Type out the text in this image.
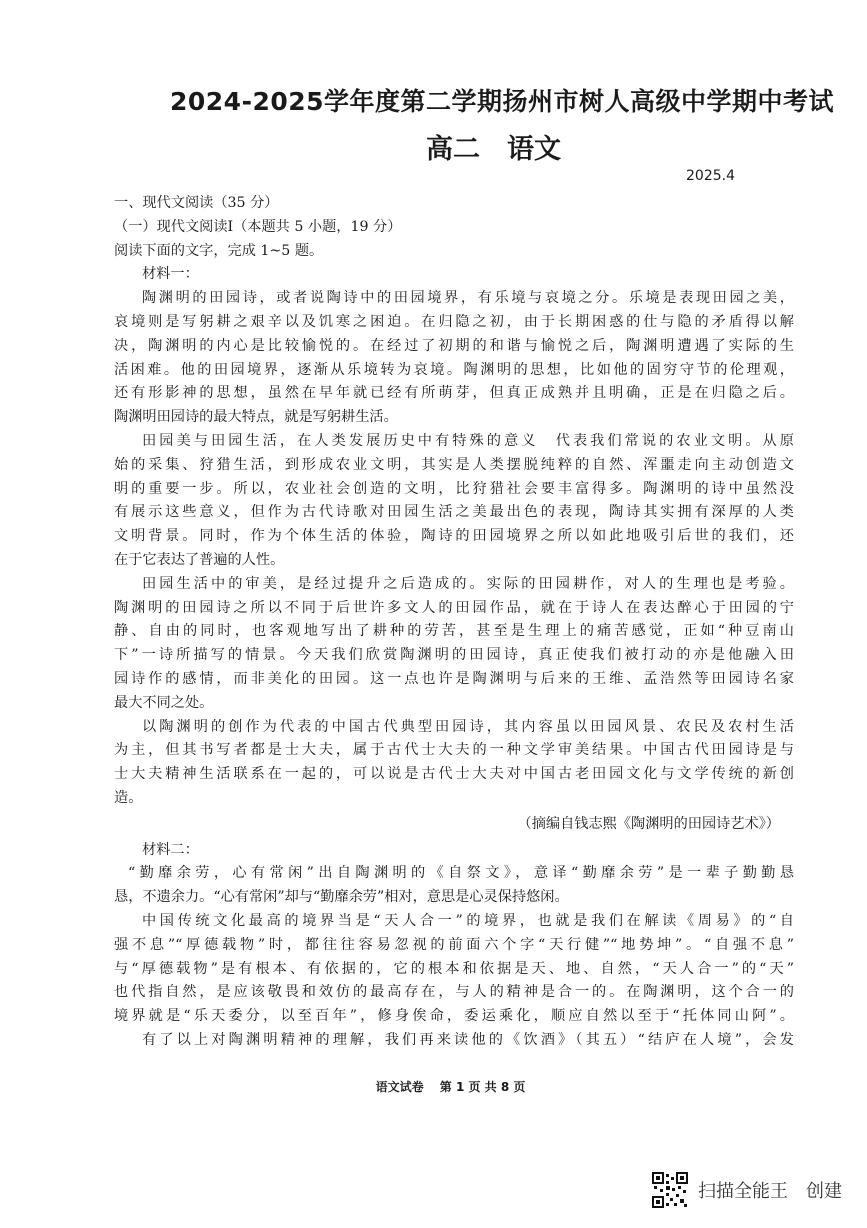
2024-2025学年度第二学期扬州市树人高级中学期中考试
高二　语文
2025.4

一、现代文阅读（35 分）

（一）现代文阅读Ⅰ（本题共 5 小题，19 分）

阅读下面的文字，完成 1~5 题。

材料一：

陶渊明的田园诗，或者说陶诗中的田园境界，有乐境与哀境之分。乐境是表现田园之美，

哀境则是写躬耕之艰辛以及饥寒之困迫。在归隐之初，由于长期困惑的仕与隐的矛盾得以解

决，陶渊明的内心是比较愉悦的。在经过了初期的和谐与愉悦之后，陶渊明遭遇了实际的生

活困难。他的田园境界，逐渐从乐境转为哀境。陶渊明的思想，比如他的固穷守节的伦理观，

还有形影神的思想，虽然在早年就已经有所萌芽，但真正成熟并且明确，正是在归隐之后。

陶渊明田园诗的最大特点，就是写躬耕生活。

田园美与田园生活，在人类发展历史中有特殊的意义　代表我们常说的农业文明。从原

始的采集、狩猎生活，到形成农业文明，其实是人类摆脱纯粹的自然、浑噩走向主动创造文

明的重要一步。所以，农业社会创造的文明，比狩猎社会要丰富得多。陶渊明的诗中虽然没

有展示这些意义，但作为古代诗歌对田园生活之美最出色的表现，陶诗其实拥有深厚的人类

文明背景。同时，作为个体生活的体验，陶诗的田园境界之所以如此地吸引后世的我们，还

在于它表达了普遍的人性。

田园生活中的审美，是经过提升之后造成的。实际的田园耕作，对人的生理也是考验。

陶渊明的田园诗之所以不同于后世许多文人的田园作品，就在于诗人在表达醉心于田园的宁

静、自由的同时，也客观地写出了耕种的劳苦，甚至是生理上的痛苦感觉，正如“种豆南山

下”一诗所描写的情景。今天我们欣赏陶渊明的田园诗，真正使我们被打动的亦是他融入田

园诗作的感情，而非美化的田园。这一点也许是陶渊明与后来的王维、孟浩然等田园诗名家

最大不同之处。

以陶渊明的创作为代表的中国古代典型田园诗，其内容虽以田园风景、农民及农村生活

为主，但其书写者都是士大夫，属于古代士大夫的一种文学审美结果。中国古代田园诗是与

士大夫精神生活联系在一起的，可以说是古代士大夫对中国古老田园文化与文学传统的新创

造。

（摘编自钱志熙《陶渊明的田园诗艺术》）

材料二：

“勤靡余劳，心有常闲”出自陶渊明的《自祭文》，意译“勤靡余劳”是一辈子勤勤恳

恳，不遗余力。“心有常闲”却与“勤靡余劳”相对，意思是心灵保持悠闲。

中国传统文化最高的境界当是“天人合一”的境界，也就是我们在解读《周易》的“自

强不息”“厚德载物”时，都往往容易忽视的前面六个字“天行健”“地势坤”。“自强不息”

与“厚德载物”是有根本、有依据的，它的根本和依据是天、地、自然，“天人合一”的“天”

也代指自然，是应该敬畏和效仿的最高存在，与人的精神是合一的。在陶渊明，这个合一的

境界就是“乐天委分，以至百年”，修身俟命，委运乘化，顺应自然以至于“托体同山阿”。

有了以上对陶渊明精神的理解，我们再来读他的《饮酒》（其五）“结庐在人境”，会发

语文试卷 第 1 页 共 8 页
扫描全能王　创建
